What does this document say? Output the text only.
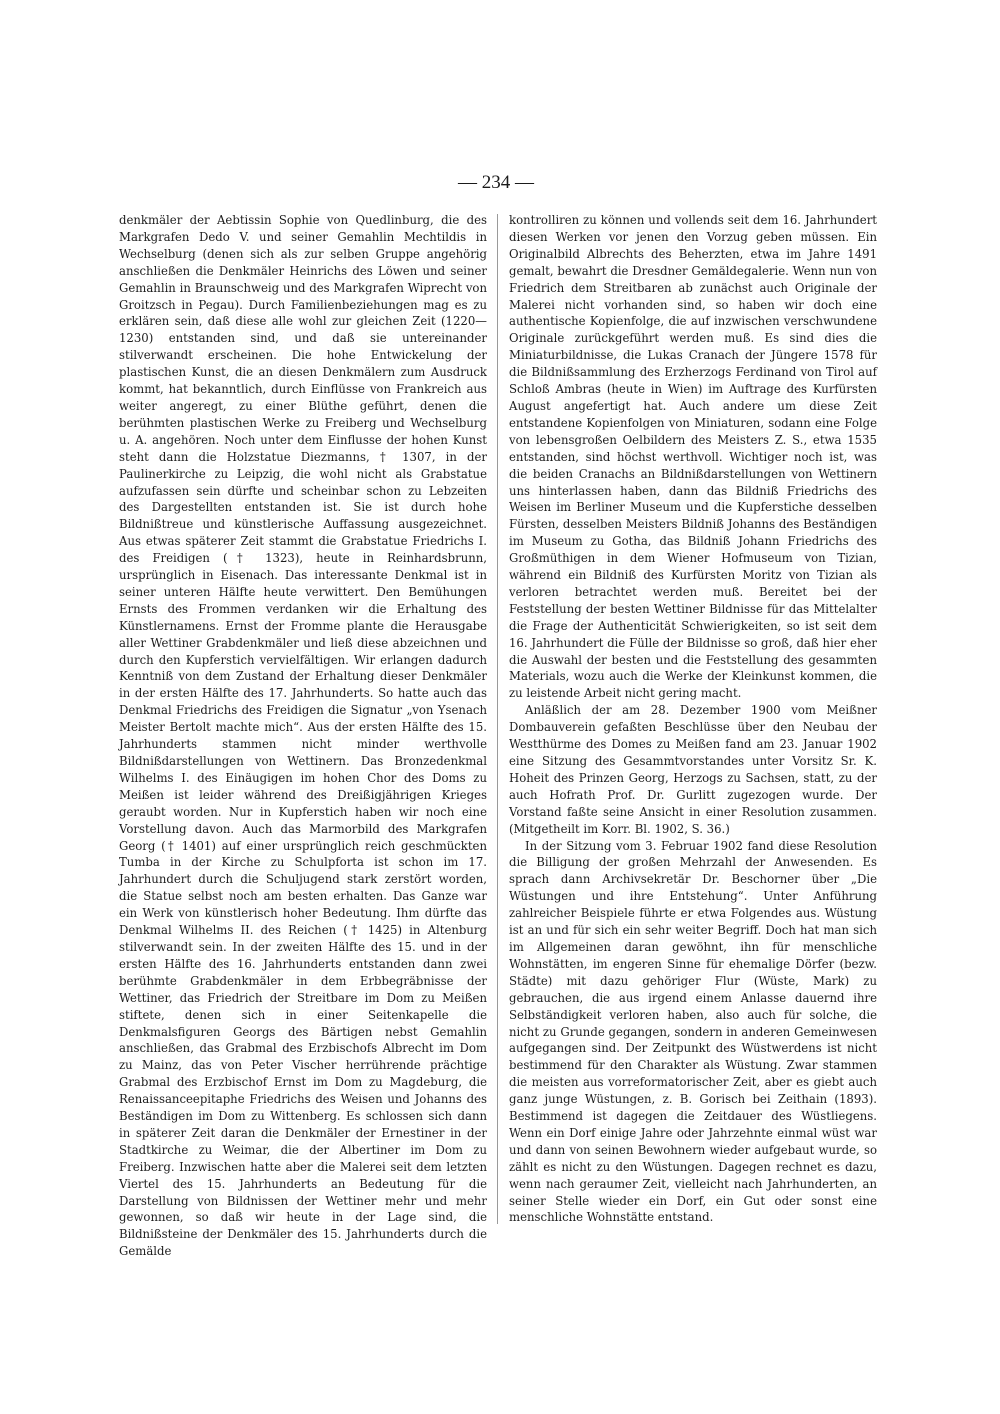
— 234 —

denkmäler der Aebtissin Sophie von Quedlinburg, die des Markgrafen Dedo V. und seiner Gemahlin Mechtildis in Wechselburg (denen sich als zur selben Gruppe angehörig anschließen die Denkmäler Heinrichs des Löwen und seiner Gemahlin in Braunschweig und des Markgrafen Wiprecht von Groitzsch in Pegau). Durch Familienbeziehungen mag es zu erklären sein, daß diese alle wohl zur gleichen Zeit (1220—1230) entstanden sind, und daß sie untereinander stilverwandt erscheinen. Die hohe Entwickelung der plastischen Kunst, die an diesen Denkmälern zum Ausdruck kommt, hat bekanntlich, durch Einflüsse von Frankreich aus weiter angeregt, zu einer Blüthe geführt, denen die berühmten plastischen Werke zu Freiberg und Wechselburg u. A. angehören. Noch unter dem Einflusse der hohen Kunst steht dann die Holzstatue Diezmanns, † 1307, in der Paulinerkirche zu Leipzig, die wohl nicht als Grabstatue aufzufassen sein dürfte und scheinbar schon zu Lebzeiten des Dargestellten entstanden ist. Sie ist durch hohe Bildnißtreue und künstlerische Auffassung ausgezeichnet. Aus etwas späterer Zeit stammt die Grabstatue Friedrichs I. des Freidigen († 1323), heute in Reinhardsbrunn, ursprünglich in Eisenach. Das interessante Denkmal ist in seiner unteren Hälfte heute verwittert. Den Bemühungen Ernsts des Frommen verdanken wir die Erhaltung des Künstlernamens. Ernst der Fromme plante die Herausgabe aller Wettiner Grabdenkmäler und ließ diese abzeichnen und durch den Kupferstich vervielfältigen. Wir erlangen dadurch Kenntniß von dem Zustand der Erhaltung dieser Denkmäler in der ersten Hälfte des 17. Jahrhunderts. So hatte auch das Denkmal Friedrichs des Freidigen die Signatur „von Ysenach Meister Bertolt machte mich“. Aus der ersten Hälfte des 15. Jahrhunderts stammen nicht minder werthvolle Bildnißdarstellungen von Wettinern. Das Bronzedenkmal Wilhelms I. des Einäugigen im hohen Chor des Doms zu Meißen ist leider während des Dreißigjährigen Krieges geraubt worden. Nur in Kupferstich haben wir noch eine Vorstellung davon. Auch das Marmorbild des Markgrafen Georg († 1401) auf einer ursprünglich reich geschmückten Tumba in der Kirche zu Schulpforta ist schon im 17. Jahrhundert durch die Schuljugend stark zerstört worden, die Statue selbst noch am besten erhalten. Das Ganze war ein Werk von künstlerisch hoher Bedeutung. Ihm dürfte das Denkmal Wilhelms II. des Reichen († 1425) in Altenburg stilverwandt sein. In der zweiten Hälfte des 15. und in der ersten Hälfte des 16. Jahrhunderts entstanden dann zwei berühmte Grabdenkmäler in dem Erbbegräbnisse der Wettiner, das Friedrich der Streitbare im Dom zu Meißen stiftete, denen sich in einer Seitenkapelle die Denkmalsfiguren Georgs des Bärtigen nebst Gemahlin anschließen, das Grabmal des Erzbischofs Albrecht im Dom zu Mainz, das von Peter Vischer herrührende prächtige Grabmal des Erzbischof Ernst im Dom zu Magdeburg, die Renaissanceepitaphe Friedrichs des Weisen und Johanns des Beständigen im Dom zu Wittenberg. Es schlossen sich dann in späterer Zeit daran die Denkmäler der Ernestiner in der Stadtkirche zu Weimar, die der Albertiner im Dom zu Freiberg. Inzwischen hatte aber die Malerei seit dem letzten Viertel des 15. Jahrhunderts an Bedeutung für die Darstellung von Bildnissen der Wettiner mehr und mehr gewonnen, so daß wir heute in der Lage sind, die Bildnißsteine der Denkmäler des 15. Jahrhunderts durch die Gemälde

kontrolliren zu können und vollends seit dem 16. Jahrhundert diesen Werken vor jenen den Vorzug geben müssen. Ein Originalbild Albrechts des Beherzten, etwa im Jahre 1491 gemalt, bewahrt die Dresdner Gemäldegalerie. Wenn nun von Friedrich dem Streitbaren ab zunächst auch Originale der Malerei nicht vorhanden sind, so haben wir doch eine authentische Kopienfolge, die auf inzwischen verschwundene Originale zurückgeführt werden muß. Es sind dies die Miniaturbildnisse, die Lukas Cranach der Jüngere 1578 für die Bildnißsammlung des Erzherzogs Ferdinand von Tirol auf Schloß Ambras (heute in Wien) im Auftrage des Kurfürsten August angefertigt hat. Auch andere um diese Zeit entstandene Kopienfolgen von Miniaturen, sodann eine Folge von lebensgroßen Oelbildern des Meisters Z. S., etwa 1535 entstanden, sind höchst werthvoll. Wichtiger noch ist, was die beiden Cranachs an Bildnißdarstellungen von Wettinern uns hinterlassen haben, dann das Bildniß Friedrichs des Weisen im Berliner Museum und die Kupferstiche desselben Fürsten, desselben Meisters Bildniß Johanns des Beständigen im Museum zu Gotha, das Bildniß Johann Friedrichs des Großmüthigen in dem Wiener Hofmuseum von Tizian, während ein Bildniß des Kurfürsten Moritz von Tizian als verloren betrachtet werden muß. Bereitet bei der Feststellung der besten Wettiner Bildnisse für das Mittelalter die Frage der Authenticität Schwierigkeiten, so ist seit dem 16. Jahrhundert die Fülle der Bildnisse so groß, daß hier eher die Auswahl der besten und die Feststellung des gesammten Materials, wozu auch die Werke der Kleinkunst kommen, die zu leistende Arbeit nicht gering macht.

Anläßlich der am 28. Dezember 1900 vom Meißner Dombauverein gefaßten Beschlüsse über den Neubau der Westthürme des Domes zu Meißen fand am 23. Januar 1902 eine Sitzung des Gesammtvorstandes unter Vorsitz Sr. K. Hoheit des Prinzen Georg, Herzogs zu Sachsen, statt, zu der auch Hofrath Prof. Dr. Gurlitt zugezogen wurde. Der Vorstand faßte seine Ansicht in einer Resolution zusammen. (Mitgetheilt im Korr. Bl. 1902, S. 36.)

In der Sitzung vom 3. Februar 1902 fand diese Resolution die Billigung der großen Mehrzahl der Anwesenden. Es sprach dann Archivsekretär Dr. Beschorner über „Die Wüstungen und ihre Entstehung“. Unter Anführung zahlreicher Beispiele führte er etwa Folgendes aus. Wüstung ist an und für sich ein sehr weiter Begriff. Doch hat man sich im Allgemeinen daran gewöhnt, ihn für menschliche Wohnstätten, im engeren Sinne für ehemalige Dörfer (bezw. Städte) mit dazu gehöriger Flur (Wüste, Mark) zu gebrauchen, die aus irgend einem Anlasse dauernd ihre Selbständigkeit verloren haben, also auch für solche, die nicht zu Grunde gegangen, sondern in anderen Gemeinwesen aufgegangen sind. Der Zeitpunkt des Wüstwerdens ist nicht bestimmend für den Charakter als Wüstung. Zwar stammen die meisten aus vorreformatorischer Zeit, aber es giebt auch ganz junge Wüstungen, z. B. Gorisch bei Zeithain (1893). Bestimmend ist dagegen die Zeitdauer des Wüstliegens. Wenn ein Dorf einige Jahre oder Jahrzehnte einmal wüst war und dann von seinen Bewohnern wieder aufgebaut wurde, so zählt es nicht zu den Wüstungen. Dagegen rechnet es dazu, wenn nach geraumer Zeit, vielleicht nach Jahrhunderten, an seiner Stelle wieder ein Dorf, ein Gut oder sonst eine menschliche Wohnstätte entstand.
